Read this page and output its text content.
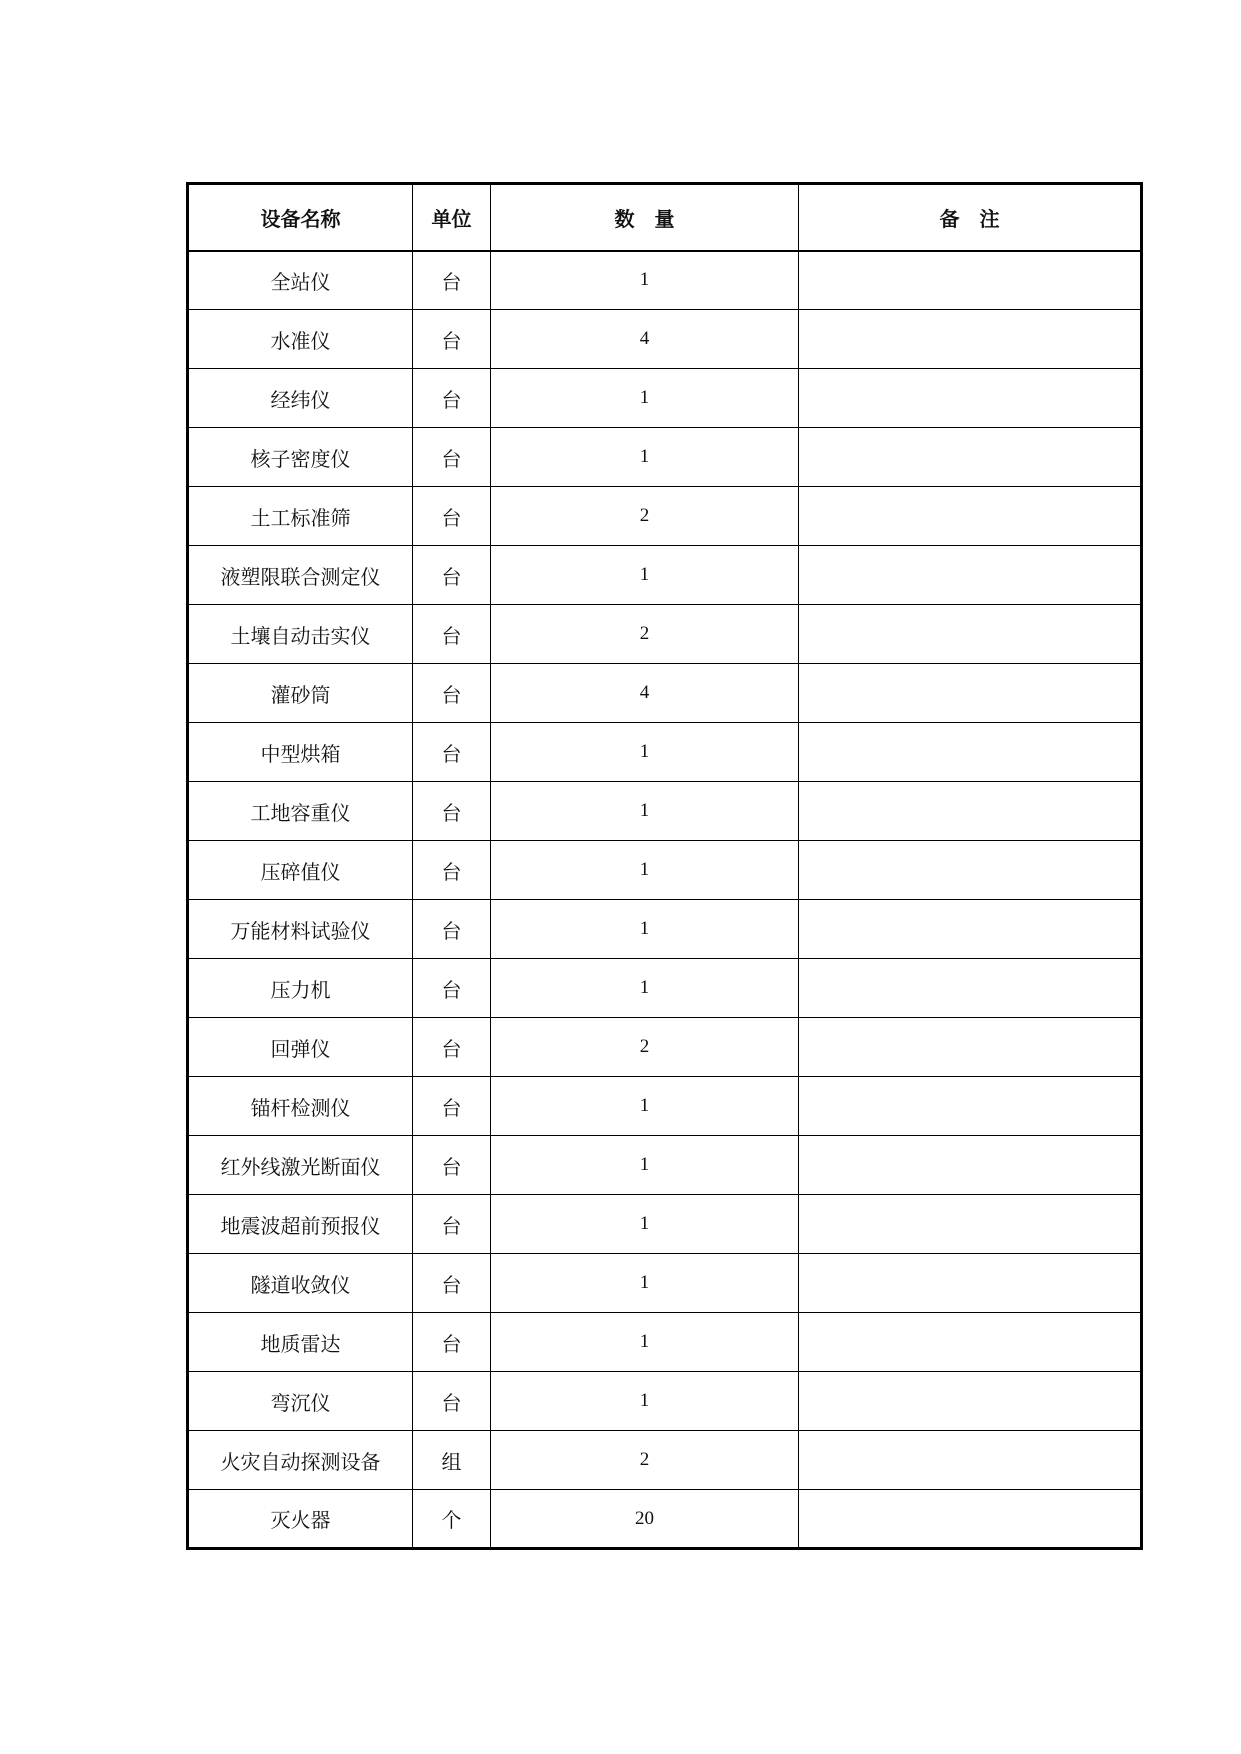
设备名称	单位	数　量	备　注
全站仪	台	1	
水准仪	台	4	
经纬仪	台	1	
核子密度仪	台	1	
土工标准筛	台	2	
液塑限联合测定仪	台	1	
土壤自动击实仪	台	2	
灌砂筒	台	4	
中型烘箱	台	1	
工地容重仪	台	1	
压碎值仪	台	1	
万能材料试验仪	台	1	
压力机	台	1	
回弹仪	台	2	
锚杆检测仪	台	1	
红外线激光断面仪	台	1	
地震波超前预报仪	台	1	
隧道收敛仪	台	1	
地质雷达	台	1	
弯沉仪	台	1	
火灾自动探测设备	组	2	
灭火器	个	20	
